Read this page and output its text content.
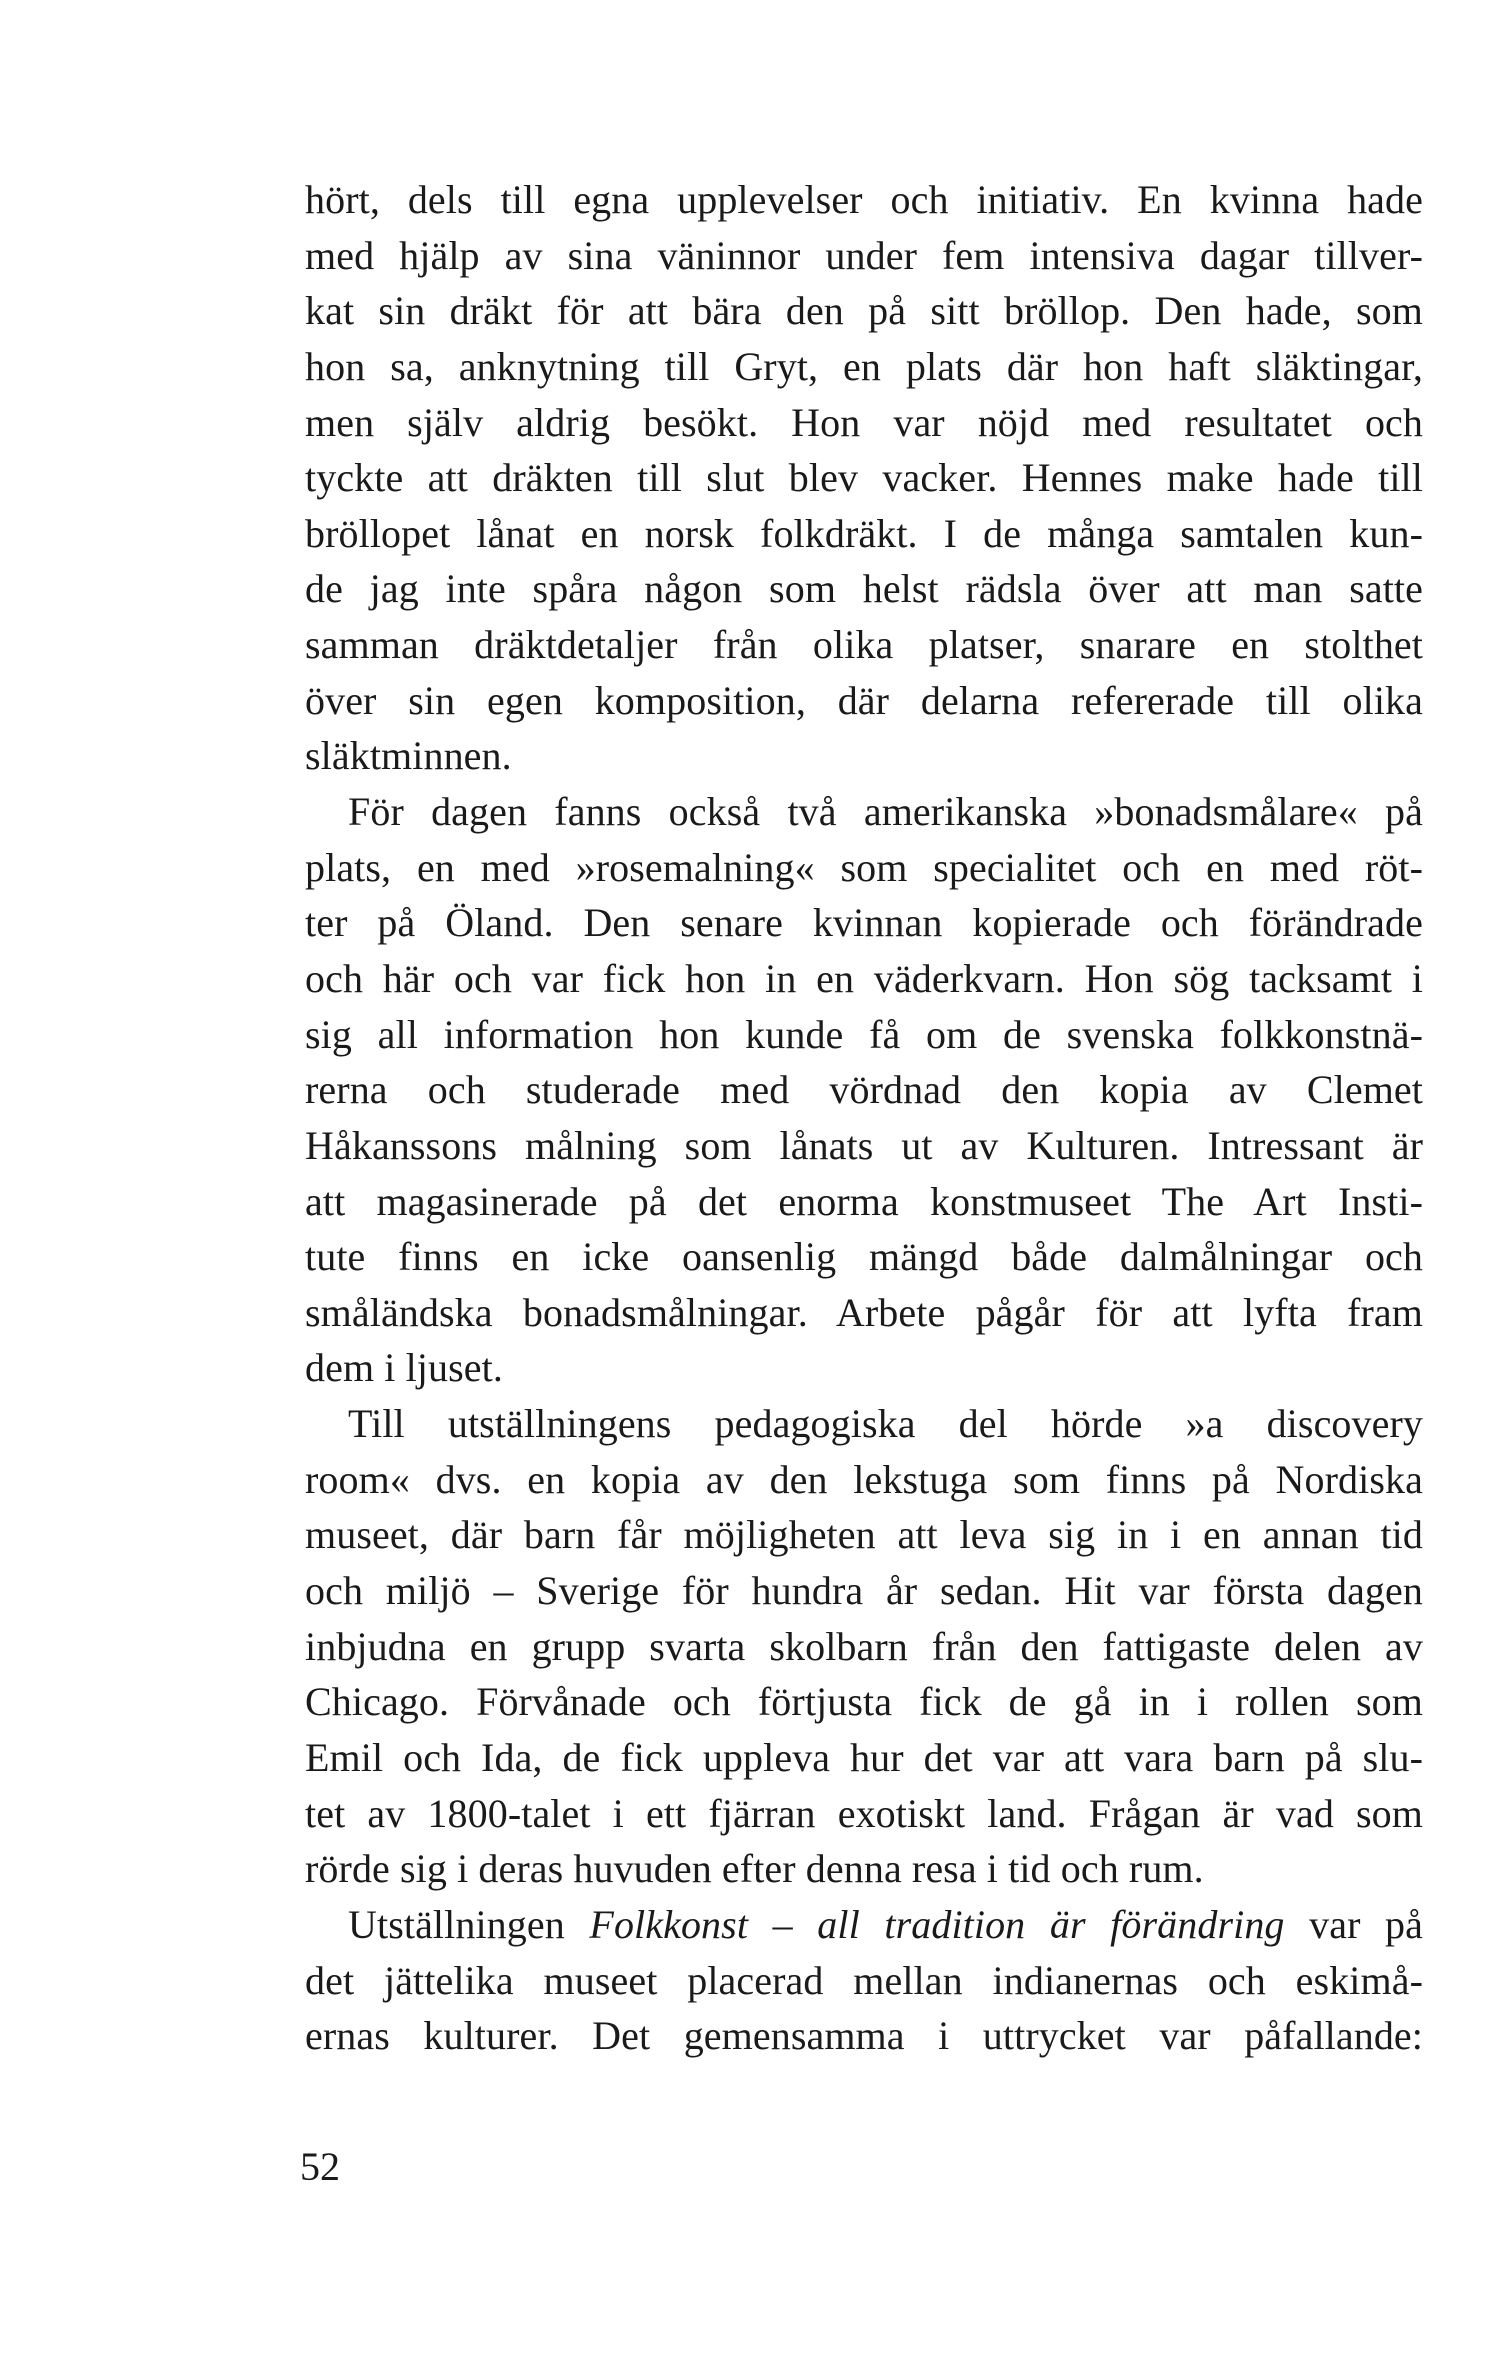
hört, dels till egna upplevelser och initiativ. En kvinna hade
med hjälp av sina väninnor under fem intensiva dagar tillver-
kat sin dräkt för att bära den på sitt bröllop. Den hade, som
hon sa, anknytning till Gryt, en plats där hon haft släktingar,
men själv aldrig besökt. Hon var nöjd med resultatet och
tyckte att dräkten till slut blev vacker. Hennes make hade till
bröllopet lånat en norsk folkdräkt. I de många samtalen kun-
de jag inte spåra någon som helst rädsla över att man satte
samman dräktdetaljer från olika platser, snarare en stolthet
över sin egen komposition, där delarna refererade till olika
släktminnen.
För dagen fanns också två amerikanska »bonadsmålare« på
plats, en med »rosemalning« som specialitet och en med röt-
ter på Öland. Den senare kvinnan kopierade och förändrade
och här och var fick hon in en väderkvarn. Hon sög tacksamt i
sig all information hon kunde få om de svenska folkkonstnä-
rerna och studerade med vördnad den kopia av Clemet
Håkanssons målning som lånats ut av Kulturen. Intressant är
att magasinerade på det enorma konstmuseet The Art Insti-
tute finns en icke oansenlig mängd både dalmålningar och
småländska bonadsmålningar. Arbete pågår för att lyfta fram
dem i ljuset.
Till utställningens pedagogiska del hörde »a discovery
room« dvs. en kopia av den lekstuga som finns på Nordiska
museet, där barn får möjligheten att leva sig in i en annan tid
och miljö – Sverige för hundra år sedan. Hit var första dagen
inbjudna en grupp svarta skolbarn från den fattigaste delen av
Chicago. Förvånade och förtjusta fick de gå in i rollen som
Emil och Ida, de fick uppleva hur det var att vara barn på slu-
tet av 1800-talet i ett fjärran exotiskt land. Frågan är vad som
rörde sig i deras huvuden efter denna resa i tid och rum.
Utställningen Folkkonst – all tradition är förändring var på
det jättelika museet placerad mellan indianernas och eskimå-
ernas kulturer. Det gemensamma i uttrycket var påfallande:
52
